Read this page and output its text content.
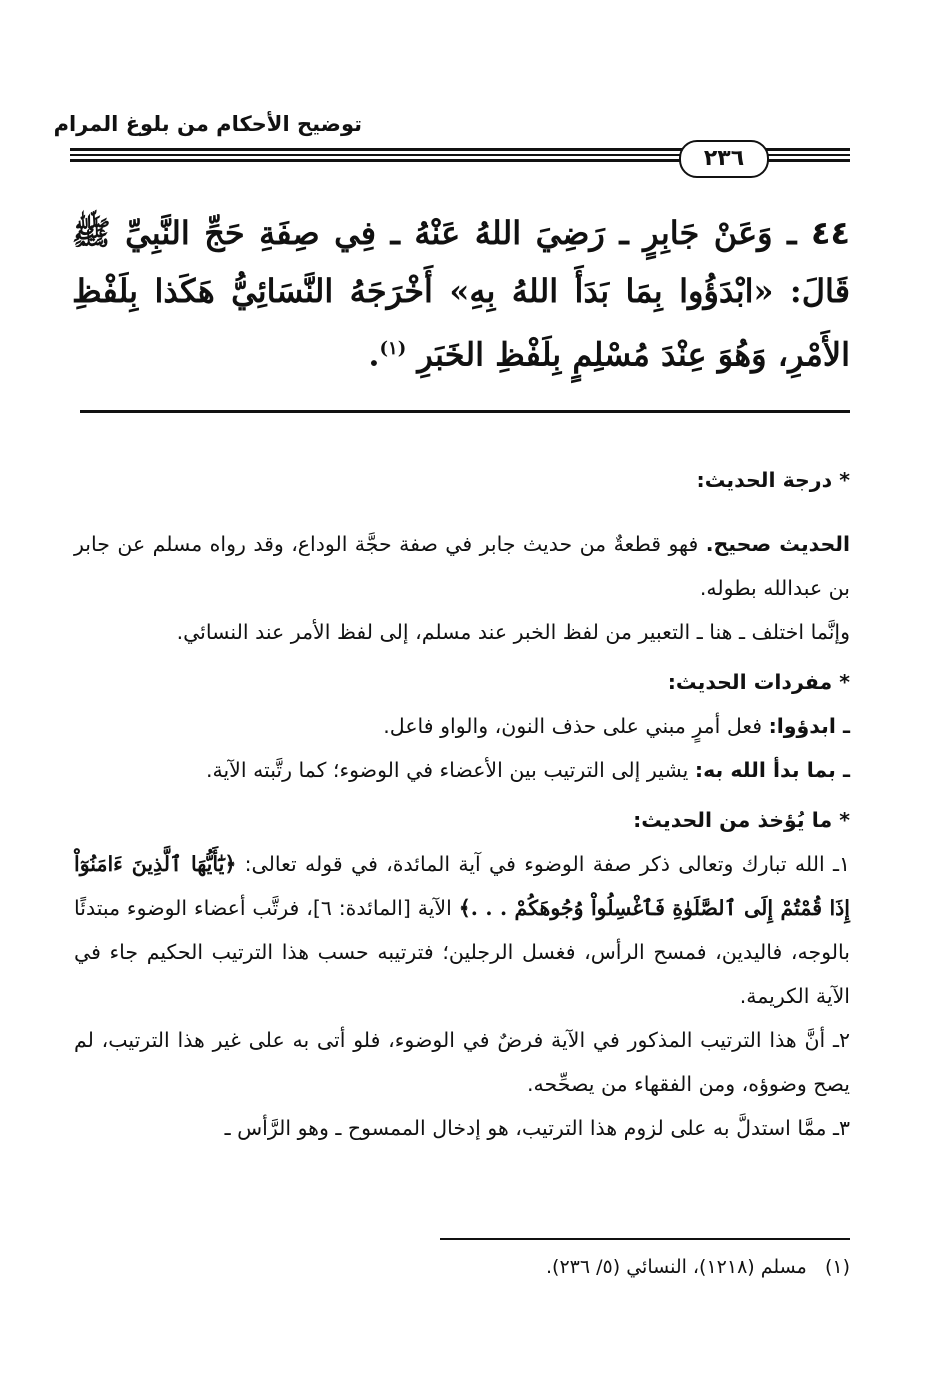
توضيح الأحكام من بلوغ المرام
٢٣٦
٤٤ ـ وَعَنْ جَابِرٍ ـ رَضِيَ اللهُ عَنْهُ ـ فِي صِفَةِ حَجِّ النَّبِيِّ ﷺ قَالَ: «ابْدَؤُوا بِمَا بَدَأَ اللهُ بِهِ» أَخْرَجَهُ النَّسَائِيُّ هَكَذا بِلَفْظِ الأَمْرِ، وَهُوَ عِنْدَ مُسْلِمٍ بِلَفْظِ الخَبَرِ $^{(١)}$.

* درجة الحديث:

الحديث صحيح. فهو قطعةٌ من حديث جابر في صفة حجَّة الوداع، وقد رواه مسلم عن جابر بن عبدالله بطوله.

وإنَّما اختلف ـ هنا ـ التعبير من لفظ الخبر عند مسلم، إلى لفظ الأمر عند النسائي.

* مفردات الحديث:

ـ ابدؤوا: فعل أمرٍ مبني على حذف النون، والواو فاعل.

ـ بما بدأ الله به: يشير إلى الترتيب بين الأعضاء في الوضوء؛ كما رتَّبته الآية.

* ما يُؤخذ من الحديث:

١ـ الله تبارك وتعالى ذكر صفة الوضوء في آية المائدة، في قوله تعالى: ﴿يَٰٓأَيُّهَا ٱلَّذِينَ ءَامَنُوٓاْ إِذَا قُمْتُمْ إِلَى ٱلصَّلَوٰةِ فَٱغْسِلُواْ وُجُوهَكُمْ . . .﴾ الآية [المائدة: ٦]، فرتَّب أعضاء الوضوء مبتدئًا بالوجه، فاليدين، فمسح الرأس، فغسل الرجلين؛ فترتيبه حسب هذا الترتيب الحكيم جاء في الآية الكريمة.

٢ـ أنَّ هذا الترتيب المذكور في الآية فرضٌ في الوضوء، فلو أتى به على غير هذا الترتيب، لم يصح وضوؤه، ومن الفقهاء من يصحِّحه.

٣ـ ممَّا استدلَّ به على لزوم هذا الترتيب، هو إدخال الممسوح ـ وهو الرَّأس ـ

(١)   مسلم (١٢١٨)، النسائي (٥/ ٢٣٦).
